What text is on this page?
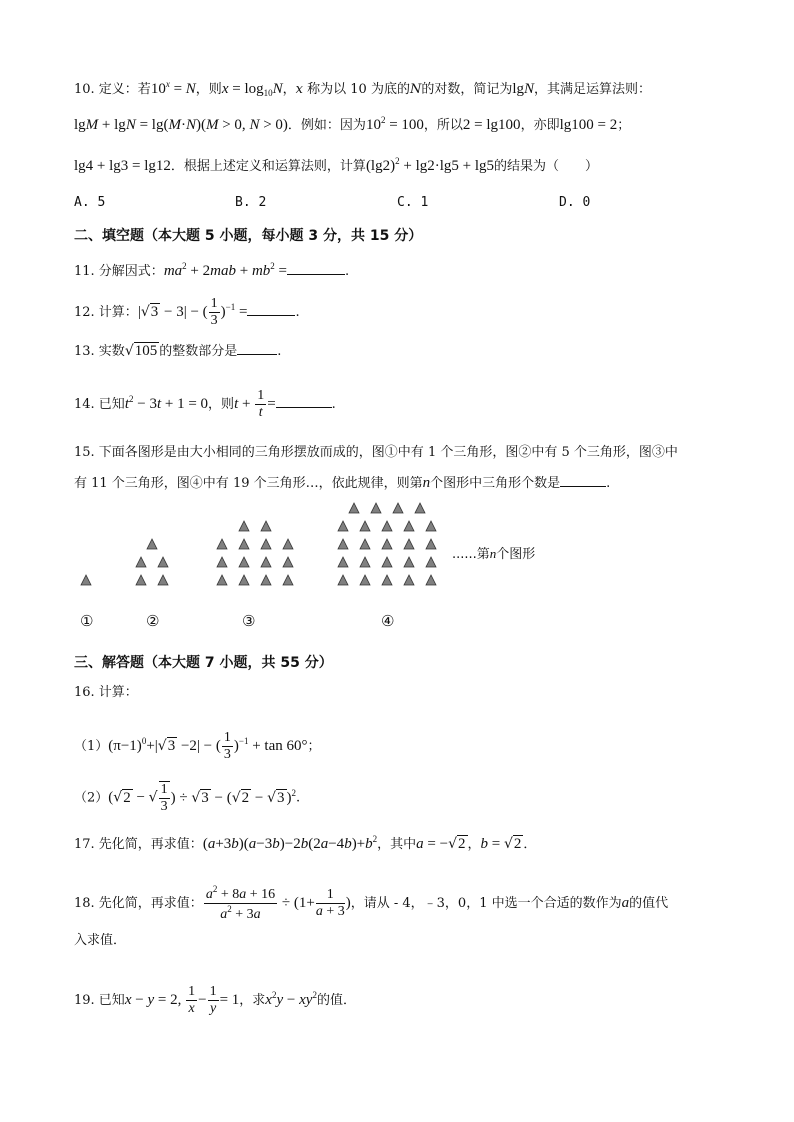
10. 定义：若$10^x = N$，则$x = \log_{10}N$，x 称为以 10 为底的N的对数，简记为lgN，其满足运算法则：
lgM + lgN = lg(M·N)(M > 0, N > 0)．例如：因为$10^2 = 100$，所以2 = lg100，亦即lg100 = 2；
lg4 + lg3 = lg12．根据上述定义和运算法则，计算$(\lg 2)^2 + \lg 2\cdot\lg 5 + \lg 5$的结果为（　　）
A. 5	B. 2	C. 1	D. 0
二、填空题（本大题 5 小题，每小题 3 分，共 15 分）
11. 分解因式：$ma^2 + 2mab + mb^2$ =	.
12. 计算：|√3 − 3| − ( $\frac{1}{3} )^{-1}$ =	.
13. 实数√105 的整数部分是	.
14. 已知$t^2 - 3t + 1 = 0$，则$t + \frac{1}{t}$ =	.
15. 下面各图形是由大小相同的三角形摆放而成的，图①中有 1 个三角形，图②中有 5 个三角形，图③中
有 11 个三角形，图④中有 19 个三角形…，依此规律，则第n个图形中三角形个数是	.
①	②	③	④
......第n个图形
三、解答题（本大题 7 小题，共 55 分）
16. 计算：
$(1)(\pi-1)^0+|√3 -2|$ − ( $\frac{1}{3} )^{-1} + \tan 60^\circ$；
（2）(√2 − √ $\frac{1}{3}$ ) ÷ √3 − (√2 − √3 )$^2$.
17. 先化简，再求值：$(a+3b)(a-3b)-2b(2a-4b)+b^2$，其中a = −√2 ，b = √2 ．
18. 先化简，再求值： $\frac{a^2 + 8a + 16}{a^2 + 3a} \div (1+ \frac{1}{a + 3}$ )，请从 - 4，﹣3，0，1 中选一个合适的数作为a的值代
入求值．
19. 已知x − y = 2, $\frac{1}{x} - \frac{1}{y} = 1$，求$x^2y - xy^2$的值．
